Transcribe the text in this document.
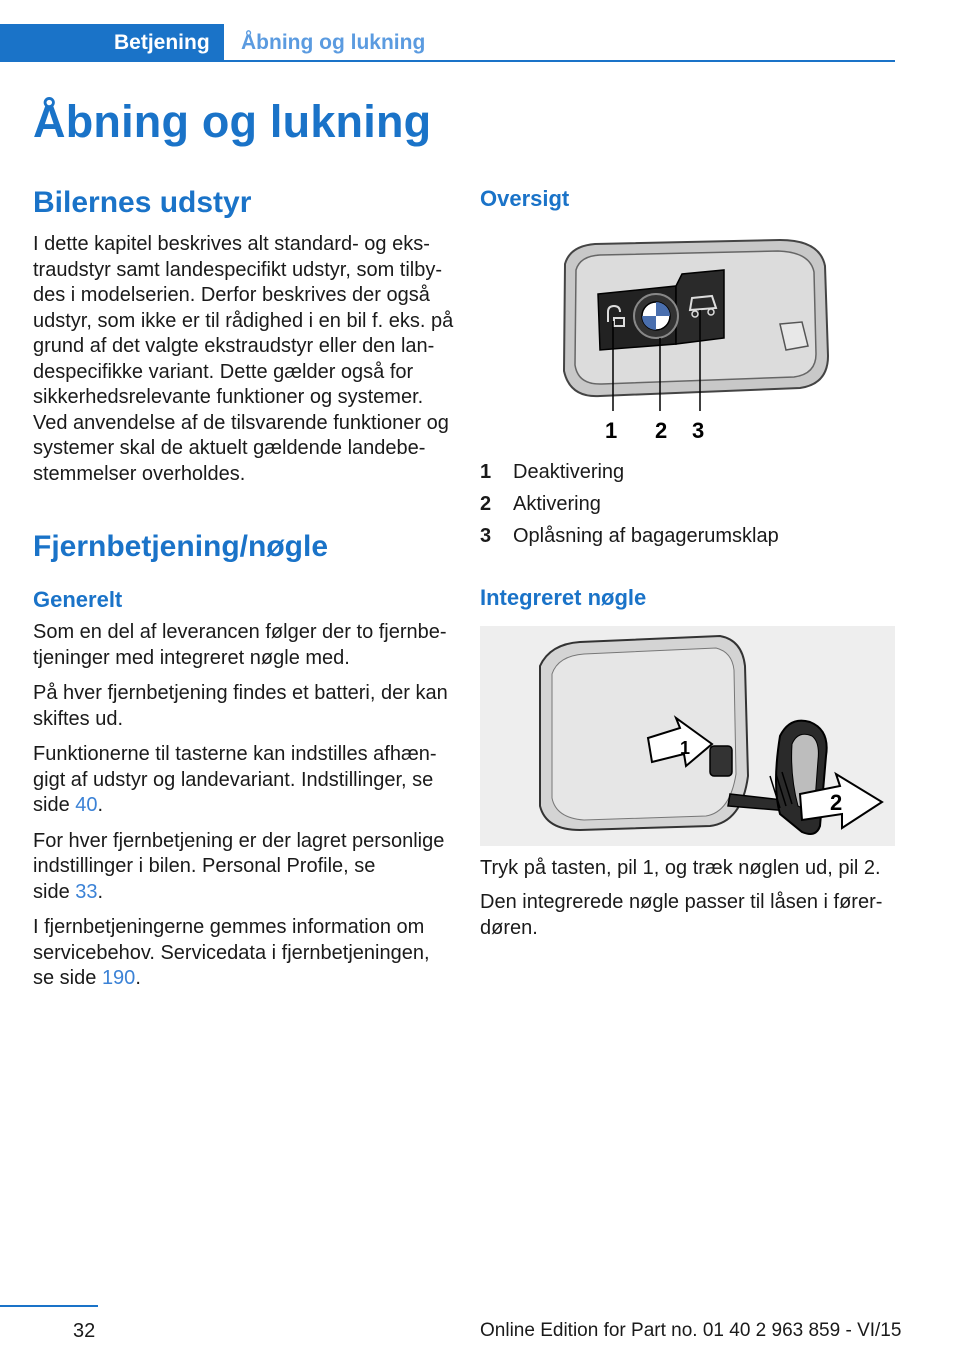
Betjening	Åbning og lukning
Åbning og lukning
Bilernes udstyr

I dette kapitel beskrives alt standard- og eks‐

traudstyr samt landespecifikt udstyr, som tilby‐

des i modelserien. Derfor beskrives der også

udstyr, som ikke er til rådighed i en bil f. eks. på

grund af det valgte ekstraudstyr eller den lan‐

despecifikke variant. Dette gælder også for

sikkerhedsrelevante funktioner og systemer.

Ved anvendelse af de tilsvarende funktioner og

systemer skal de aktuelt gældende landebe‐

stemmelser overholdes.

Fjernbetjening/nøgle
Generelt

Som en del af leverancen følger der to fjernbe‐

tjeninger med integreret nøgle med.

På hver fjernbetjening findes et batteri, der kan

skiftes ud.

Funktionerne til tasterne kan indstilles afhæn‐

gigt af udstyr og landevariant. Indstillinger, se

side 40.

For hver fjernbetjening er der lagret personlige

indstillinger i bilen. Personal Profile, se

side 33.

I fjernbetjeningerne gemmes information om

servicebehov. Servicedata i fjernbetjeningen,

se side 190.

Oversigt
1 2 3
1 Deaktivering
2 Aktivering
3 Oplåsning af bagagerumsklap
Integreret nøgle
1
2

Tryk på tasten, pil 1, og træk nøglen ud, pil 2.

Den integrerede nøgle passer til låsen i fører‐

døren.

32	Online Edition for Part no. 01 40 2 963 859 - VI/15
